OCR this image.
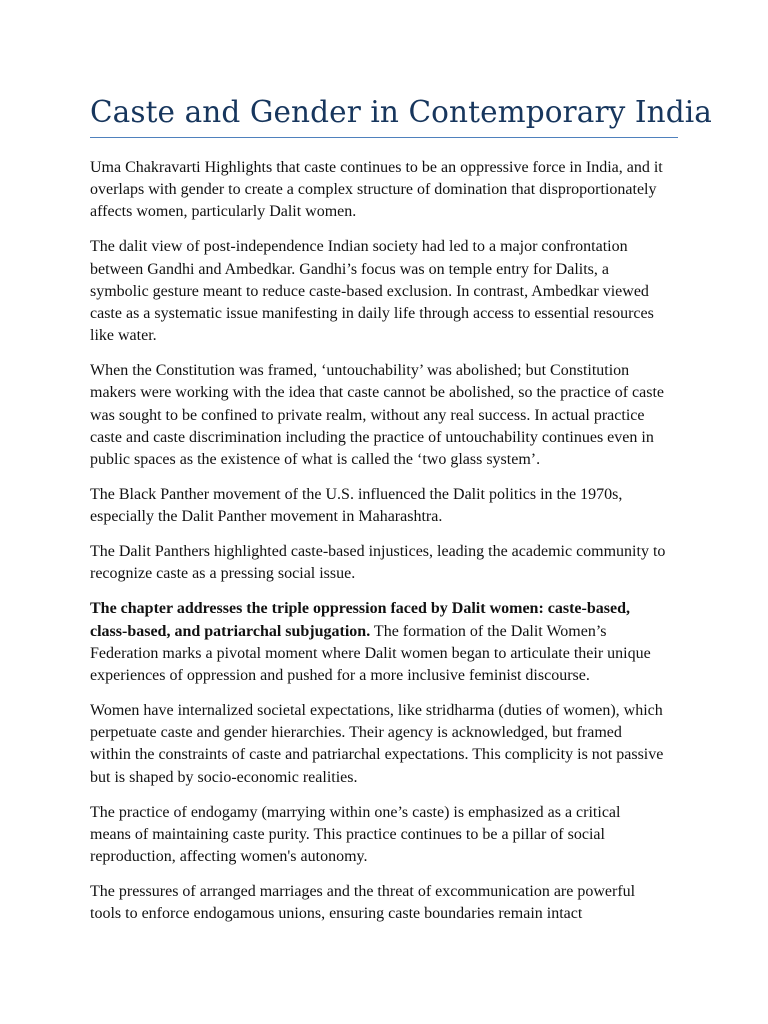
Caste and Gender in Contemporary India

Uma Chakravarti Highlights that caste continues to be an oppressive force in India, and it
overlaps with gender to create a complex structure of domination that disproportionately
affects women, particularly Dalit women.

The dalit view of post-independence Indian society had led to a major confrontation
between Gandhi and Ambedkar. Gandhi’s focus was on temple entry for Dalits, a
symbolic gesture meant to reduce caste-based exclusion. In contrast, Ambedkar viewed
caste as a systematic issue manifesting in daily life through access to essential resources
like water.

When the Constitution was framed, ‘untouchability’ was abolished; but Constitution
makers were working with the idea that caste cannot be abolished, so the practice of caste
was sought to be confined to private realm, without any real success. In actual practice
caste and caste discrimination including the practice of untouchability continues even in
public spaces as the existence of what is called the ‘two glass system’.

The Black Panther movement of the U.S. influenced the Dalit politics in the 1970s,
especially the Dalit Panther movement in Maharashtra.

The Dalit Panthers highlighted caste-based injustices, leading the academic community to
recognize caste as a pressing social issue.

The chapter addresses the triple oppression faced by Dalit women: caste-based,
class-based, and patriarchal subjugation. The formation of the Dalit Women’s
Federation marks a pivotal moment where Dalit women began to articulate their unique
experiences of oppression and pushed for a more inclusive feminist discourse.

Women have internalized societal expectations, like stridharma (duties of women), which
perpetuate caste and gender hierarchies. Their agency is acknowledged, but framed
within the constraints of caste and patriarchal expectations. This complicity is not passive
but is shaped by socio-economic realities.

The practice of endogamy (marrying within one’s caste) is emphasized as a critical
means of maintaining caste purity. This practice continues to be a pillar of social
reproduction, affecting women's autonomy.

The pressures of arranged marriages and the threat of excommunication are powerful
tools to enforce endogamous unions, ensuring caste boundaries remain intact
